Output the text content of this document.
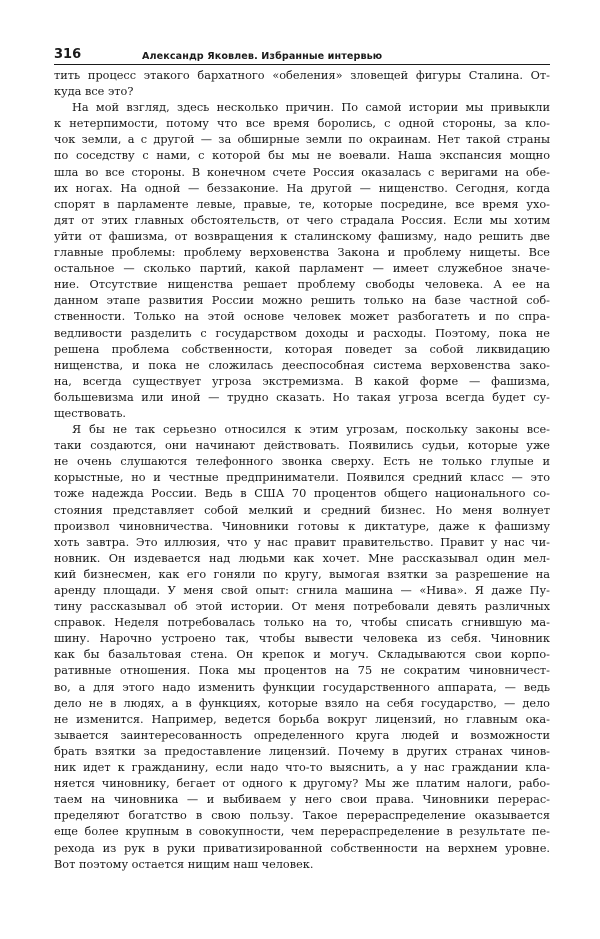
316	Александр Яковлев. Избранные интервью

тить процесс этакого бархатного «обеления» зловещей фигуры Сталина. От-
куда все это?

На мой взгляд, здесь несколько причин. По самой истории мы привыкли
к нетерпимости, потому что все время боролись, с одной стороны, за кло-
чок земли, а с другой — за обширные земли по окраинам. Нет такой страны
по соседству с нами, с которой бы мы не воевали. Наша экспансия мощно
шла во все стороны. В конечном счете Россия оказалась с веригами на обе-
их ногах. На одной — беззаконие. На другой — нищенство. Сегодня, когда
спорят в парламенте левые, правые, те, которые посредине, все время ухо-
дят от этих главных обстоятельств, от чего страдала Россия. Если мы хотим
уйти от фашизма, от возвращения к сталинскому фашизму, надо решить две
главные проблемы: проблему верховенства Закона и проблему нищеты. Все
остальное — сколько партий, какой парламент — имеет служебное значе-
ние. Отсутствие нищенства решает проблему свободы человека. А ее на
данном этапе развития России можно решить только на базе частной соб-
ственности. Только на этой основе человек может разбогатеть и по спра-
ведливости разделить с государством доходы и расходы. Поэтому, пока не
решена проблема собственности, которая поведет за собой ликвидацию
нищенства, и пока не сложилась дееспособная система верховенства зако-
на, всегда существует угроза экстремизма. В какой форме — фашизма,
большевизма или иной — трудно сказать. Но такая угроза всегда будет су-
ществовать.

Я бы не так серьезно относился к этим угрозам, поскольку законы все-
таки создаются, они начинают действовать. Появились судьи, которые уже
не очень слушаются телефонного звонка сверху. Есть не только глупые и
корыстные, но и честные предприниматели. Появился средний класс — это
тоже надежда России. Ведь в США 70 процентов общего национального со-
стояния представляет собой мелкий и средний бизнес. Но меня волнует
произвол чиновничества. Чиновники готовы к диктатуре, даже к фашизму
хоть завтра. Это иллюзия, что у нас правит правительство. Правит у нас чи-
новник. Он издевается над людьми как хочет. Мне рассказывал один мел-
кий бизнесмен, как его гоняли по кругу, вымогая взятки за разрешение на
аренду площади. У меня свой опыт: сгнила машина — «Нива». Я даже Пу-
тину рассказывал об этой истории. От меня потребовали девять различных
справок. Неделя потребовалась только на то, чтобы списать сгнившую ма-
шину. Нарочно устроено так, чтобы вывести человека из себя. Чиновник
как бы базальтовая стена. Он крепок и могуч. Складываются свои корпо-
ративные отношения. Пока мы процентов на 75 не сократим чиновничест-
во, а для этого надо изменить функции государственного аппарата, — ведь
дело не в людях, а в функциях, которые взяло на себя государство, — дело
не изменится. Например, ведется борьба вокруг лицензий, но главным ока-
зывается заинтересованность определенного круга людей и возможности
брать взятки за предоставление лицензий. Почему в других странах чинов-
ник идет к гражданину, если надо что-то выяснить, а у нас граждании кла-
няется чиновнику, бегает от одного к другому? Мы же платим налоги, рабо-
таем на чиновника — и выбиваем у него свои права. Чиновники перерас-
пределяют богатство в свою пользу. Такое перераспределение оказывается
еще более крупным в совокупности, чем перераспределение в результате пе-
рехода из рук в руки приватизированной собственности на верхнем уровне.
Вот поэтому остается нищим наш человек.
